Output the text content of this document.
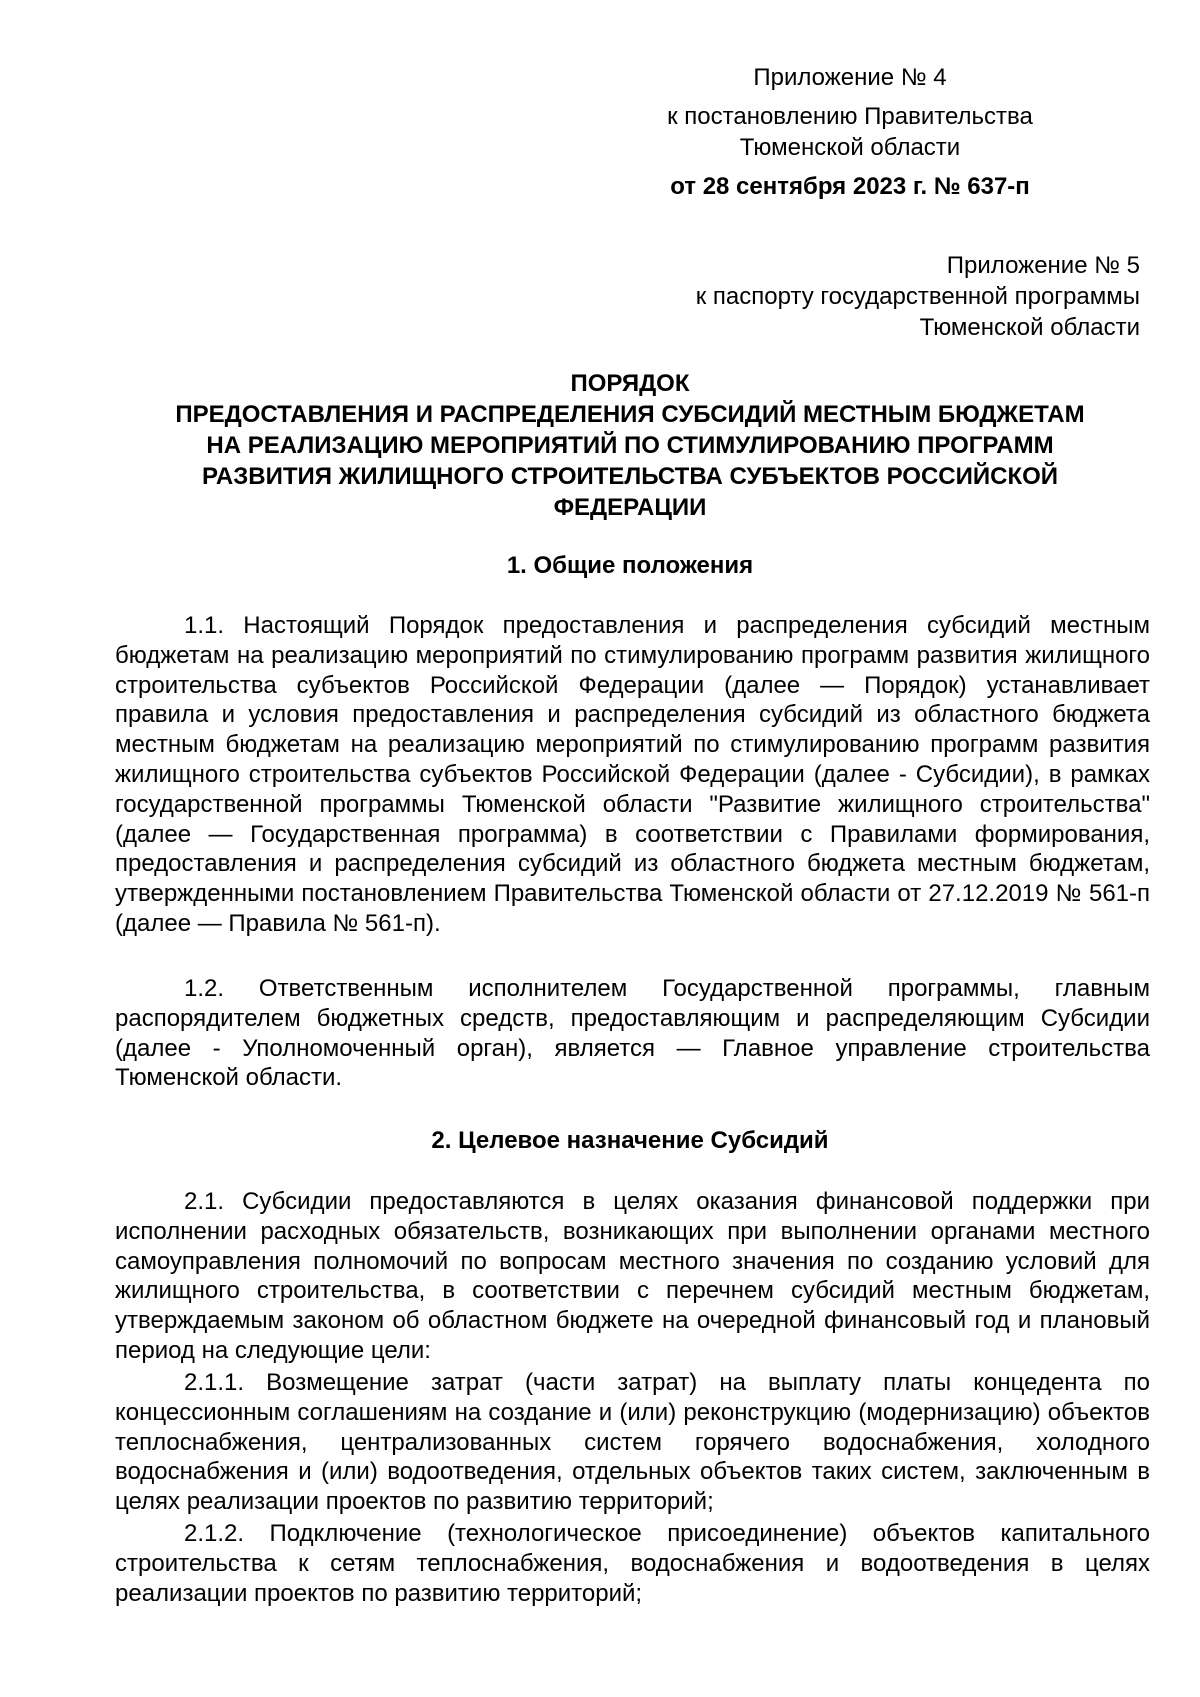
Приложение № 4
к постановлению Правительства
Тюменской области
от 28 сентября 2023 г. № 637-п
Приложение № 5
к паспорту государственной программы
Тюменской области
ПОРЯДОК
ПРЕДОСТАВЛЕНИЯ И РАСПРЕДЕЛЕНИЯ СУБСИДИЙ МЕСТНЫМ БЮДЖЕТАМ
НА РЕАЛИЗАЦИЮ МЕРОПРИЯТИЙ ПО СТИМУЛИРОВАНИЮ ПРОГРАММ
РАЗВИТИЯ ЖИЛИЩНОГО СТРОИТЕЛЬСТВА СУБЪЕКТОВ РОССИЙСКОЙ
ФЕДЕРАЦИИ
1. Общие положения

1.1. Настоящий Порядок предоставления и распределения субсидий местным бюджетам на реализацию мероприятий по стимулированию программ развития жилищного строительства субъектов Российской Федерации (далее — Порядок) устанавливает правила и условия предоставления и распределения субсидий из областного бюджета местным бюджетам на реализацию мероприятий по стимулированию программ развития жилищного строительства субъектов Российской Федерации (далее - Субсидии), в рамках государственной программы Тюменской области "Развитие жилищного строительства" (далее — Государственная программа) в соответствии с Правилами формирования, предоставления и распределения субсидий из областного бюджета местным бюджетам, утвержденными постановлением Правительства Тюменской области от 27.12.2019 № 561-п (далее — Правила № 561-п).

1.2. Ответственным исполнителем Государственной программы, главным распорядителем бюджетных средств, предоставляющим и распределяющим Субсидии (далее - Уполномоченный орган), является — Главное управление строительства Тюменской области.

2. Целевое назначение Субсидий

2.1. Субсидии предоставляются в целях оказания финансовой поддержки при исполнении расходных обязательств, возникающих при выполнении органами местного самоуправления полномочий по вопросам местного значения по созданию условий для жилищного строительства, в соответствии с перечнем субсидий местным бюджетам, утверждаемым законом об областном бюджете на очередной финансовый год и плановый период на следующие цели:

2.1.1. Возмещение затрат (части затрат) на выплату платы концедента по концессионным соглашениям на создание и (или) реконструкцию (модернизацию) объектов теплоснабжения, централизованных систем горячего водоснабжения, холодного водоснабжения и (или) водоотведения, отдельных объектов таких систем, заключенным в целях реализации проектов по развитию территорий;

2.1.2. Подключение (технологическое присоединение) объектов капитального строительства к сетям теплоснабжения, водоснабжения и водоотведения в целях реализации проектов по развитию территорий;
